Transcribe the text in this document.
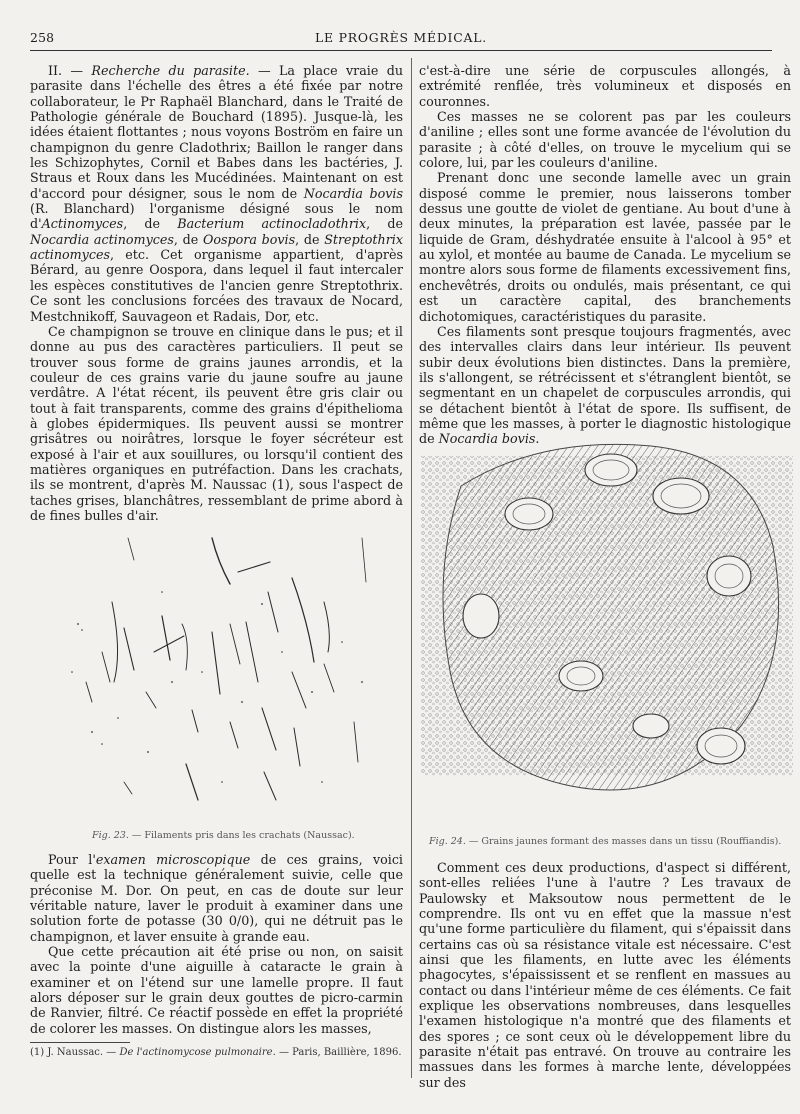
258	LE PROGRÈS MÉDICAL.

II. — Recherche du parasite. — La place vraie du parasite dans l'échelle des êtres a été fixée par notre collaborateur, le Pr Raphaël Blanchard, dans le Traité de Pathologie générale de Bouchard (1895). Jusque-là, les idées étaient flottantes ; nous voyons Boström en faire un champignon du genre Cladothrix; Baillon le ranger dans les Schizophytes, Cornil et Babes dans les bactéries, J. Straus et Roux dans les Mucédinées. Maintenant on est d'accord pour désigner, sous le nom de Nocardia bovis (R. Blanchard) l'organisme désigné sous le nom d'Actinomyces, de Bacterium actinocladothrix, de Nocardia actinomyces, de Oospora bovis, de Streptothrix actinomyces, etc. Cet organisme appartient, d'après Bérard, au genre Oospora, dans lequel il faut intercaler les espèces constitutives de l'ancien genre Streptothrix. Ce sont les conclusions forcées des travaux de Nocard, Mestchnikoff, Sauvageon et Radais, Dor, etc.

Ce champignon se trouve en clinique dans le pus; et il donne au pus des caractères particuliers. Il peut se trouver sous forme de grains jaunes arrondis, et la couleur de ces grains varie du jaune soufre au jaune verdâtre. A l'état récent, ils peuvent être gris clair ou tout à fait transparents, comme des grains d'épithelioma à globes épidermiques. Ils peuvent aussi se montrer grisâtres ou noirâtres, lorsque le foyer sécréteur est exposé à l'air et aux souillures, ou lorsqu'il contient des matières organiques en putréfaction. Dans les crachats, ils se montrent, d'après M. Naussac (1), sous l'aspect de taches grises, blanchâtres, ressemblant de prime abord à de fines bulles d'air.

Fig. 23. — Filaments pris dans les crachats (Naussac).

Pour l'examen microscopique de ces grains, voici quelle est la technique généralement suivie, celle que préconise M. Dor. On peut, en cas de doute sur leur véritable nature, laver le produit à examiner dans une solution forte de potasse (30 0/0), qui ne détruit pas le champignon, et laver ensuite à grande eau.

Que cette précaution ait été prise ou non, on saisit avec la pointe d'une aiguille à cataracte le grain à examiner et on l'étend sur une lamelle propre. Il faut alors déposer sur le grain deux gouttes de picro-carmin de Ranvier, filtré. Ce réactif possède en effet la propriété de colorer les masses. On distingue alors les masses,

(1) J. Naussac. — De l'actinomycose pulmonaire. — Paris, Baillière, 1896.

c'est-à-dire une série de corpuscules allongés, à extrémité renflée, très volumineux et disposés en couronnes.

Ces masses ne se colorent pas par les couleurs d'aniline ; elles sont une forme avancée de l'évolution du parasite ; à côté d'elles, on trouve le mycelium qui se colore, lui, par les couleurs d'aniline.

Prenant donc une seconde lamelle avec un grain disposé comme le premier, nous laisserons tomber dessus une goutte de violet de gentiane. Au bout d'une à deux minutes, la préparation est lavée, passée par le liquide de Gram, déshydratée ensuite à l'alcool à 95° et au xylol, et montée au baume de Canada. Le mycelium se montre alors sous forme de filaments excessivement fins, enchevêtrés, droits ou ondulés, mais présentant, ce qui est un caractère capital, des branchements dichotomiques, caractéristiques du parasite.

Ces filaments sont presque toujours fragmentés, avec des intervalles clairs dans leur intérieur. Ils peuvent subir deux évolutions bien distinctes. Dans la première, ils s'allongent, se rétrécissent et s'étranglent bientôt, se segmentant en un chapelet de corpuscules arrondis, qui se détachent bientôt à l'état de spore. Ils suffisent, de même que les masses, à porter le diagnostic histologique de Nocardia bovis.

Fig. 24. — Grains jaunes formant des masses dans un tissu (Rouffiandis).

Comment ces deux productions, d'aspect si différent, sont-elles reliées l'une à l'autre ? Les travaux de Paulowsky et Maksoutow nous permettent de le comprendre. Ils ont vu en effet que la massue n'est qu'une forme particulière du filament, qui s'épaissit dans certains cas où sa résistance vitale est nécessaire. C'est ainsi que les filaments, en lutte avec les éléments phagocytes, s'épaississent et se renflent en massues au contact ou dans l'intérieur même de ces éléments. Ce fait explique les observations nombreuses, dans lesquelles l'examen histologique n'a montré que des filaments et des spores ; ce sont ceux où le développement libre du parasite n'était pas entravé. On trouve au contraire les massues dans les formes à marche lente, développées sur des
